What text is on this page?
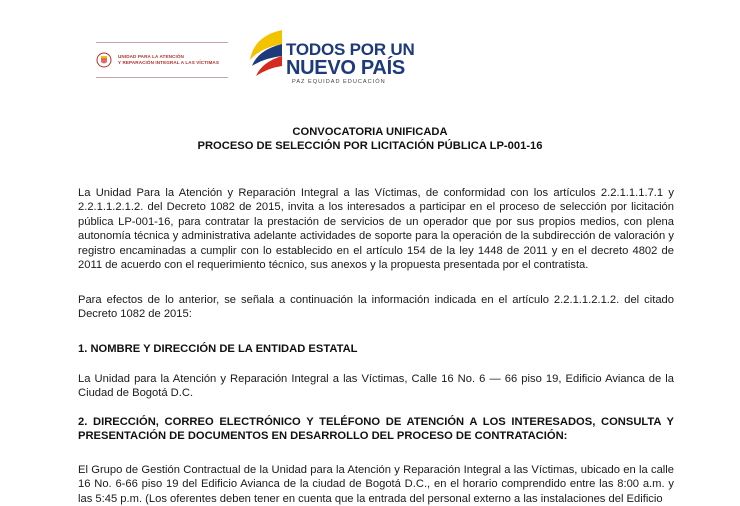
UNIDAD PARA LA ATENCIÓN
Y REPARACIÓN INTEGRAL A LAS VÍCTIMAS
TODOS POR UN
NUEVO PAÍS
PAZ EQUIDAD EDUCACIÓN
CONVOCATORIA UNIFICADA
PROCESO DE SELECCIÓN POR LICITACIÓN PÚBLICA LP-001-16
La Unidad Para la Atención y Reparación Integral a las Víctimas, de conformidad con los artículos 2.2.1.1.1.7.1 y 2.2.1.1.2.1.2. del Decreto 1082 de 2015, invita a los interesados a participar en el proceso de selección por licitación pública LP-001-16, para contratar la prestación de servicios de un operador que por sus propios medios, con plena autonomía técnica y administrativa adelante actividades de soporte para la operación de la subdirección de valoración y registro encaminadas a cumplir con lo establecido en el artículo 154 de la ley 1448 de 2011 y en el decreto 4802 de 2011 de acuerdo con el requerimiento técnico, sus anexos y la propuesta presentada por el contratista.
Para efectos de lo anterior, se señala a continuación la información indicada en el artículo 2.2.1.1.2.1.2. del citado Decreto 1082 de 2015:
1. NOMBRE Y DIRECCIÓN DE LA ENTIDAD ESTATAL
La Unidad para la Atención y Reparación Integral a las Víctimas, Calle 16 No. 6 — 66 piso 19, Edificio Avianca de la Ciudad de Bogotá D.C.
2. DIRECCIÓN, CORREO ELECTRÓNICO Y TELÉFONO DE ATENCIÓN A LOS INTERESADOS, CONSULTA Y PRESENTACIÓN DE DOCUMENTOS EN DESARROLLO DEL PROCESO DE CONTRATACIÓN:
El Grupo de Gestión Contractual de la Unidad para la Atención y Reparación Integral a las Víctimas, ubicado en la calle 16 No. 6-66 piso 19 del Edificio Avianca de la ciudad de Bogotá D.C., en el horario comprendido entre las 8:00 a.m. y las 5:45 p.m. (Los oferentes deben tener en cuenta que la entrada del personal externo a las instalaciones del Edificio
